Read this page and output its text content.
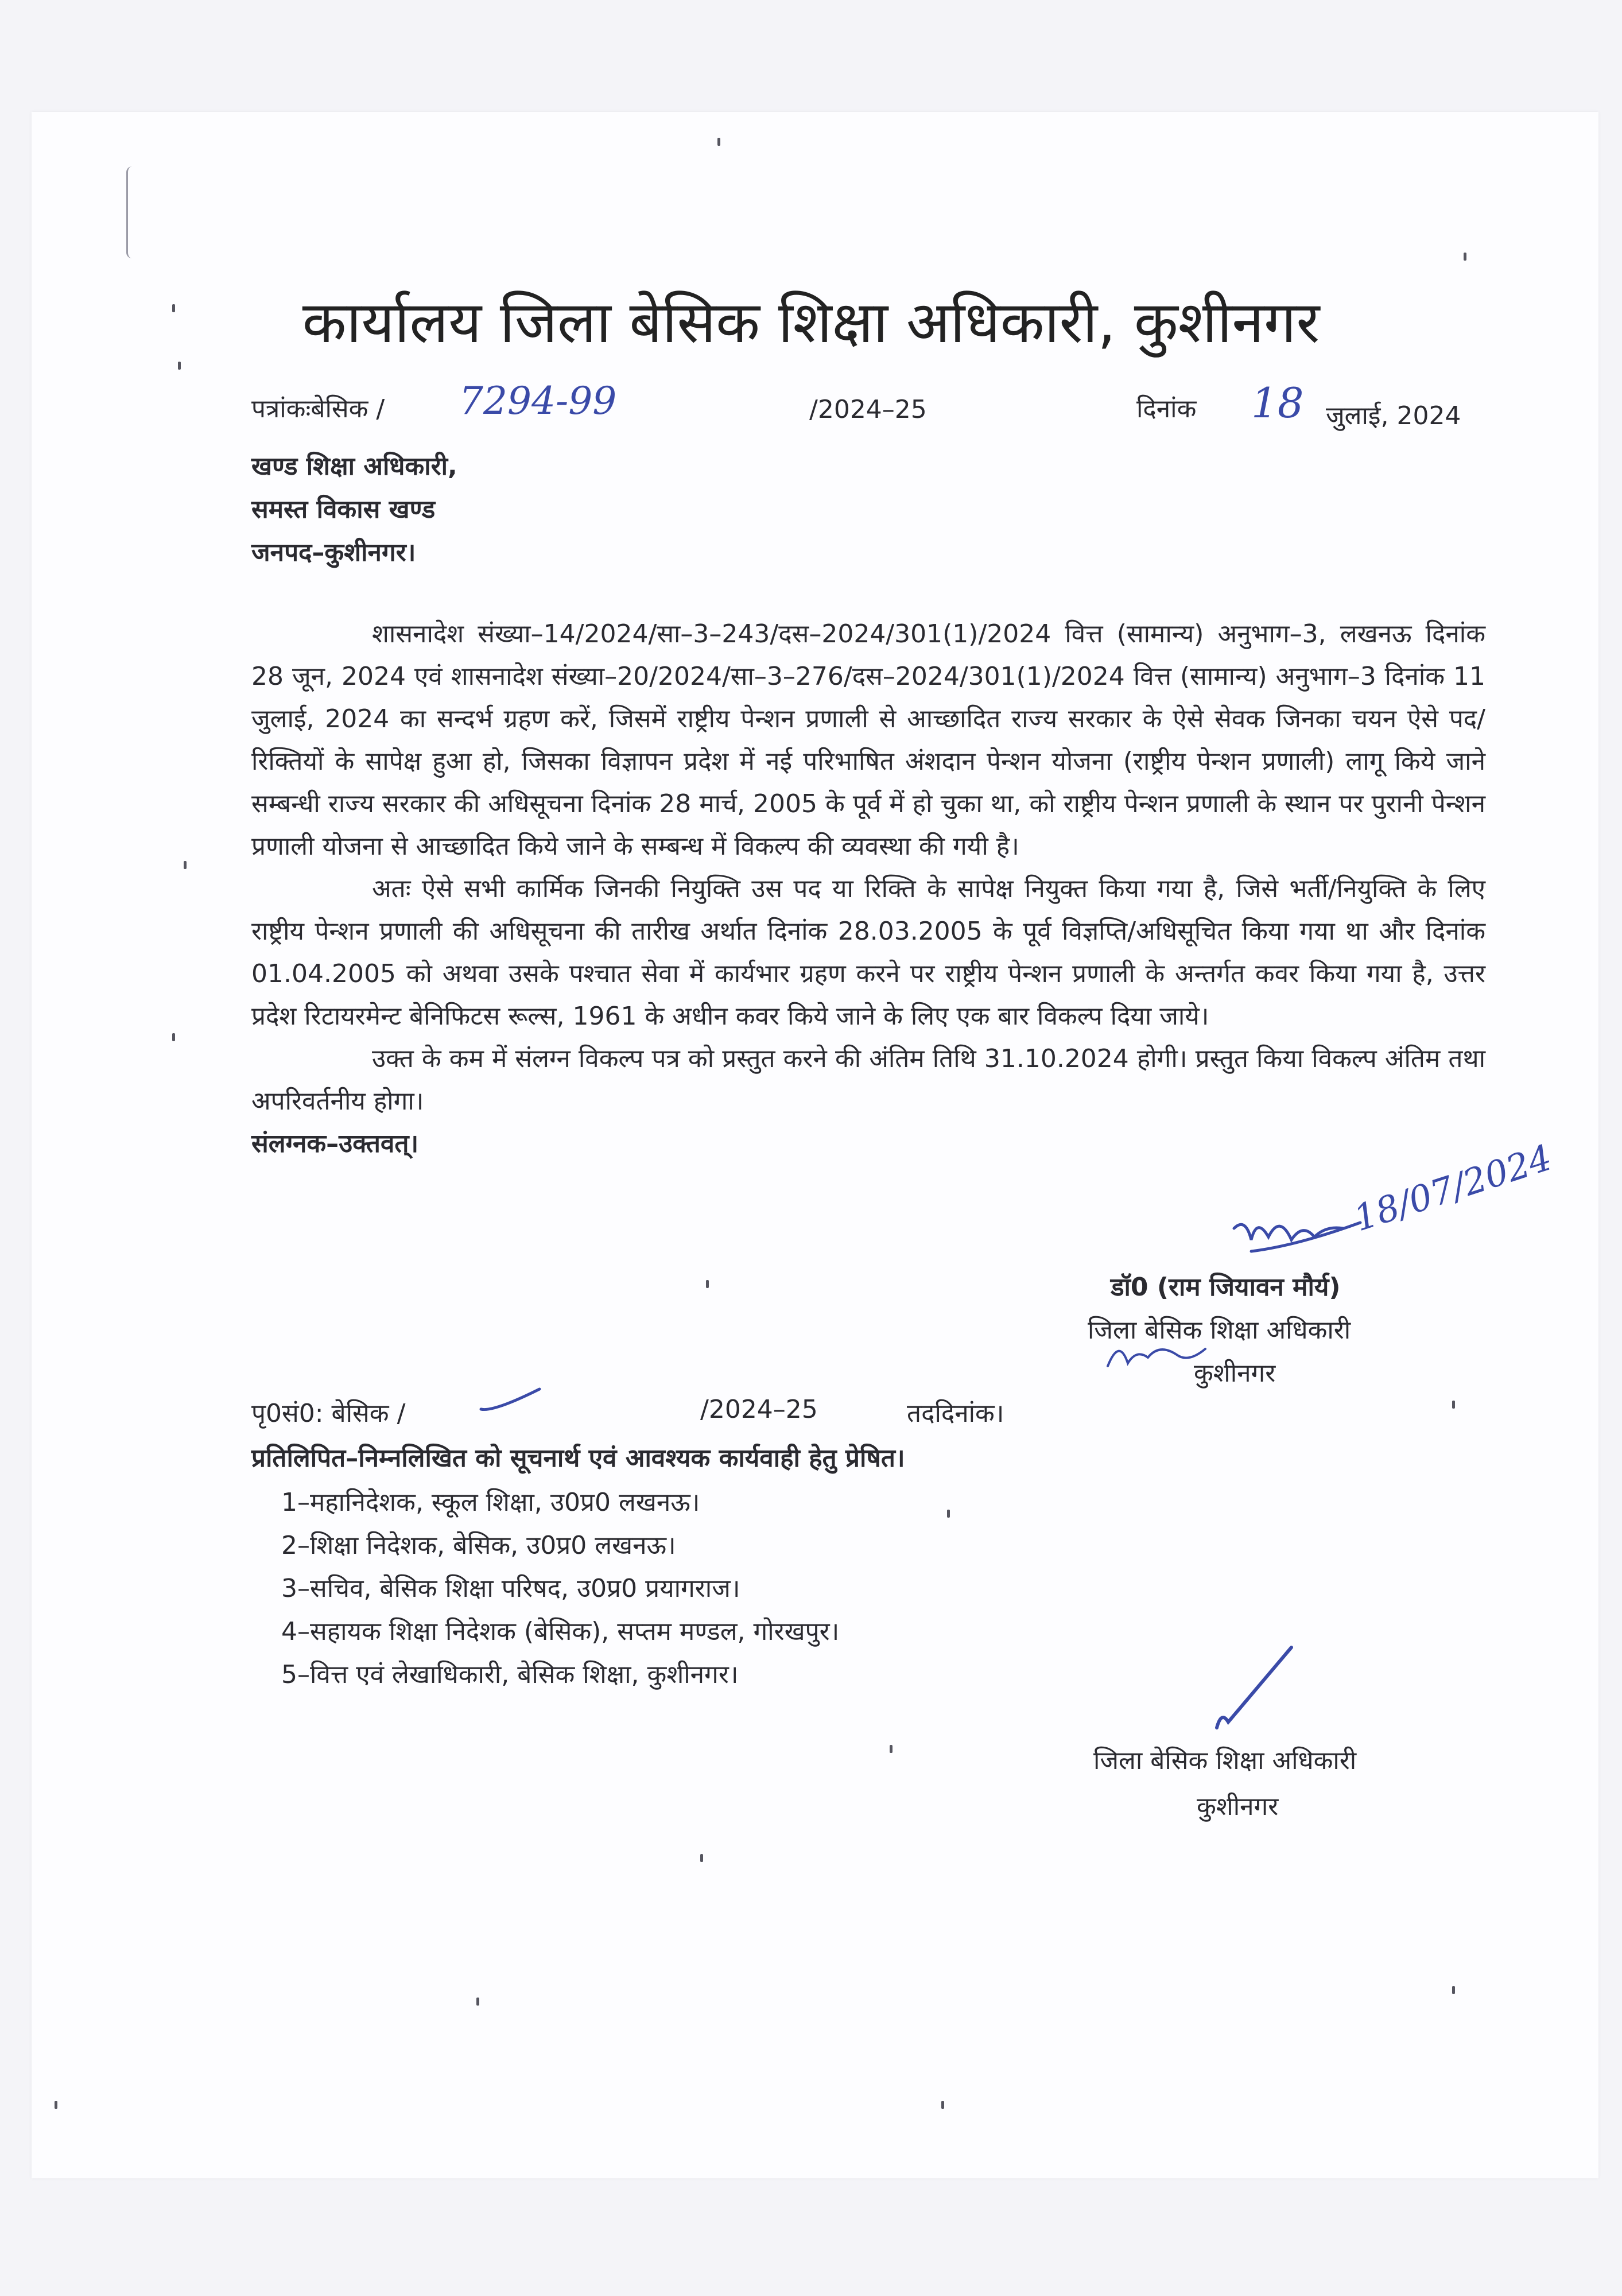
कार्यालय जिला बेसिक शिक्षा अधिकारी, कुशीनगर
पत्रांकःबेसिक / 7294-99	/2024–25	दिनांक 18 जुलाई, 2024
खण्ड शिक्षा अधिकारी,
समस्त विकास खण्ड
जनपद–कुशीनगर।

शासनादेश संख्या–14/2024/सा–3–243/दस–2024/301(1)/2024 वित्त (सामान्य) अनुभाग–3, लखनऊ दिनांक 28 जून, 2024 एवं शासनादेश संख्या–20/2024/सा–3–276/दस–2024/301(1)/2024 वित्त (सामान्य) अनुभाग–3 दिनांक 11 जुलाई, 2024 का सन्दर्भ ग्रहण करें, जिसमें राष्ट्रीय पेन्शन प्रणाली से आच्छादित राज्य सरकार के ऐसे सेवक जिनका चयन ऐसे पद/रिक्तियों के सापेक्ष हुआ हो, जिसका विज्ञापन प्रदेश में नई परिभाषित अंशदान पेन्शन योजना (राष्ट्रीय पेन्शन प्रणाली) लागू किये जाने सम्बन्धी राज्य सरकार की अधिसूचना दिनांक 28 मार्च, 2005 के पूर्व में हो चुका था, को राष्ट्रीय पेन्शन प्रणाली के स्थान पर पुरानी पेन्शन प्रणाली योजना से आच्छादित किये जाने के सम्बन्ध में विकल्प की व्यवस्था की गयी है।

अतः ऐसे सभी कार्मिक जिनकी नियुक्ति उस पद या रिक्ति के सापेक्ष नियुक्त किया गया है, जिसे भर्ती/नियुक्ति के लिए राष्ट्रीय पेन्शन प्रणाली की अधिसूचना की तारीख अर्थात दिनांक 28.03.2005 के पूर्व विज्ञप्ति/अधिसूचित किया गया था और दिनांक 01.04.2005 को अथवा उसके पश्चात सेवा में कार्यभार ग्रहण करने पर राष्ट्रीय पेन्शन प्रणाली के अन्तर्गत कवर किया गया है, उत्तर प्रदेश रिटायरमेन्ट बेनिफिटस रूल्स, 1961 के अधीन कवर किये जाने के लिए एक बार विकल्प दिया जाये।

उक्त के कम में संलग्न विकल्प पत्र को प्रस्तुत करने की अंतिम तिथि 31.10.2024 होगी। प्रस्तुत किया विकल्प अंतिम तथा अपरिवर्तनीय होगा।

संलग्नक–उक्तवत्।	18/07/2024
डॉ0 (राम जियावन मौर्य)
जिला बेसिक शिक्षा अधिकारी
कुशीनगर
पृ0सं0: बेसिक /	/2024–25	तददिनांक।
प्रतिलिपित–निम्नलिखित को सूचनार्थ एवं आवश्यक कार्यवाही हेतु प्रेषित।
1–महानिदेशक, स्कूल शिक्षा, उ0प्र0 लखनऊ।
2–शिक्षा निदेशक, बेसिक, उ0प्र0 लखनऊ।
3–सचिव, बेसिक शिक्षा परिषद, उ0प्र0 प्रयागराज।
4–सहायक शिक्षा निदेशक (बेसिक), सप्तम मण्डल, गोरखपुर।
5–वित्त एवं लेखाधिकारी, बेसिक शिक्षा, कुशीनगर।
जिला बेसिक शिक्षा अधिकारी
कुशीनगर
